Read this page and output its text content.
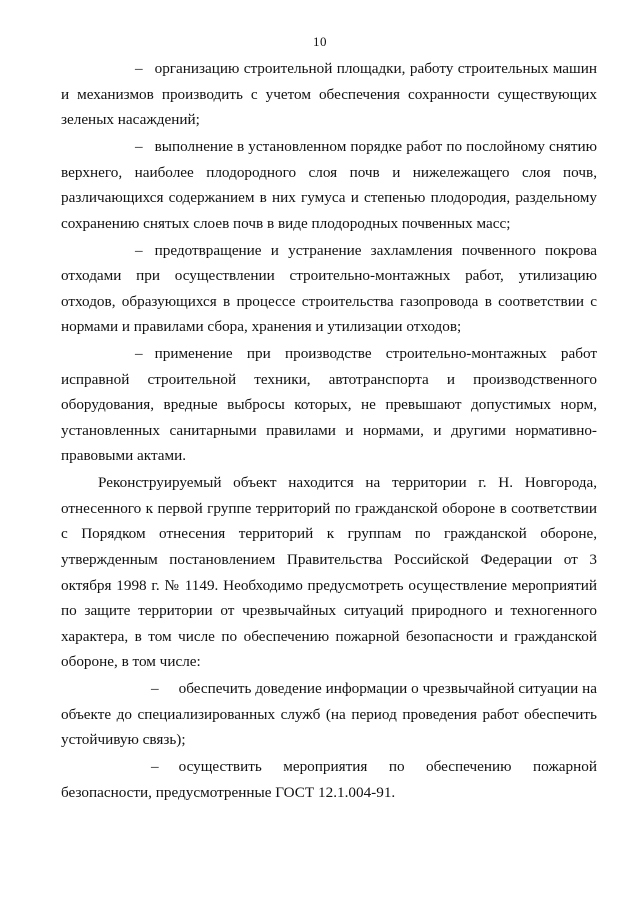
10

– организацию строительной площадки, работу строительных машин и механизмов производить с учетом обеспечения сохранности существующих зеленых насаждений;

– выполнение в установленном порядке работ по послойному снятию верхнего, наиболее плодородного слоя почв и нижележащего слоя почв, различающихся содержанием в них гумуса и степенью плодородия, раздельному сохранению снятых слоев почв в виде плодородных почвенных масс;

– предотвращение и устранение захламления почвенного покрова отходами при осуществлении строительно-монтажных работ, утилизацию отходов, образующихся в процессе строительства газопровода в соответствии с нормами и правилами сбора, хранения и утилизации отходов;

– применение при производстве строительно-монтажных работ исправной строительной техники, автотранспорта и производственного оборудования, вредные выбросы которых, не превышают допустимых норм, установленных санитарными правилами и нормами, и другими нормативно-правовыми актами.

Реконструируемый объект находится на территории г. Н. Новгорода, отнесенного к первой группе территорий по гражданской обороне в соответствии с Порядком отнесения территорий к группам по гражданской обороне, утвержденным постановлением Правительства Российской Федерации от 3 октября 1998 г. № 1149. Необходимо предусмотреть осуществление мероприятий по защите территории от чрезвычайных ситуаций природного и техногенного характера, в том числе по обеспечению пожарной безопасности и гражданской обороне, в том числе:

– обеспечить доведение информации о чрезвычайной ситуации на объекте до специализированных служб (на период проведения работ обеспечить устойчивую связь);

– осуществить мероприятия по обеспечению пожарной безопасности, предусмотренные ГОСТ 12.1.004-91.
